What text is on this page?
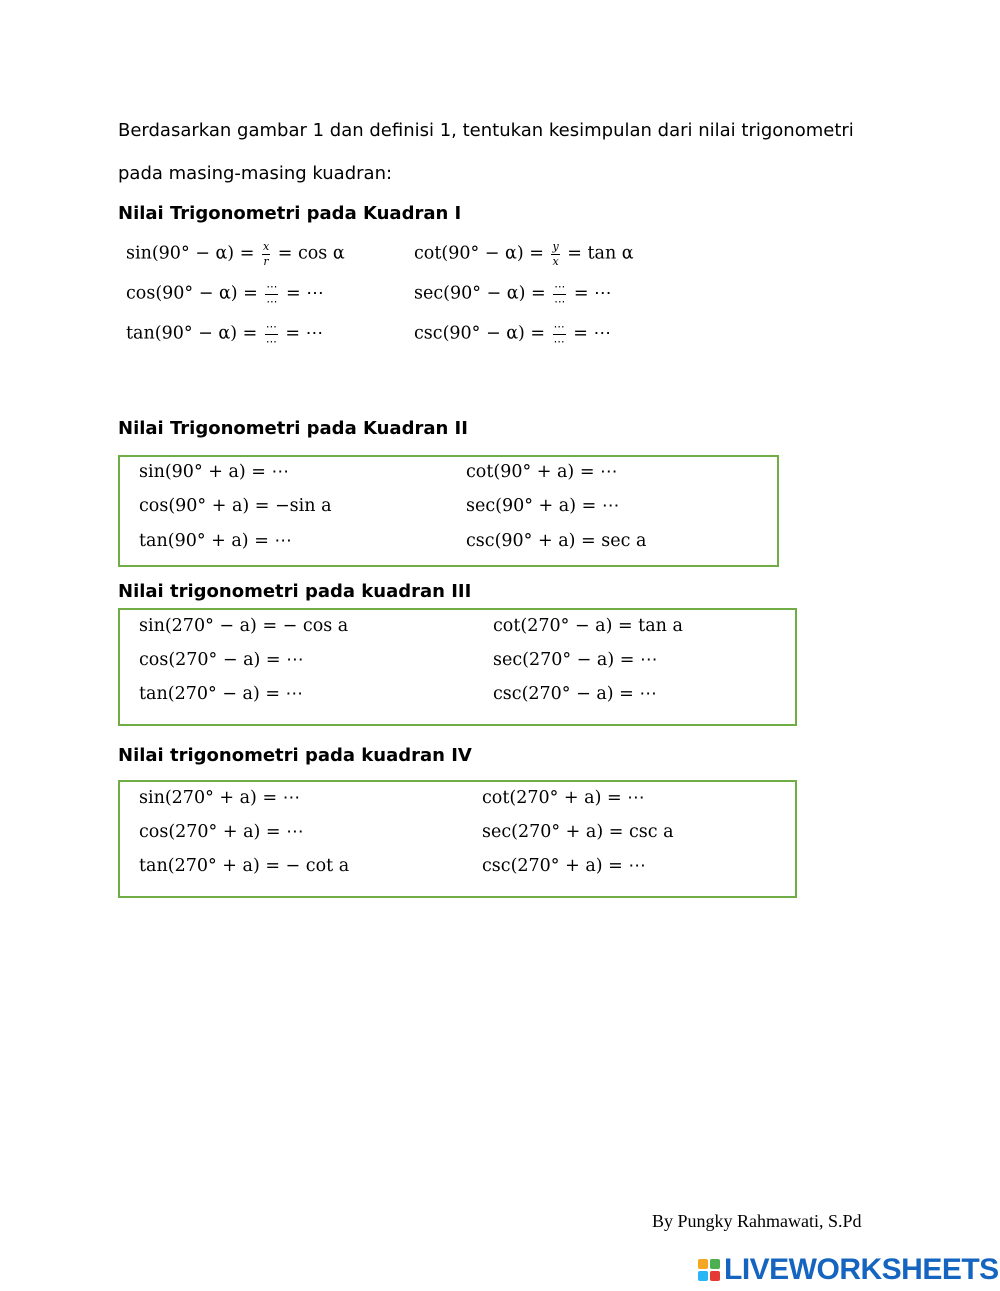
Berdasarkan gambar 1 dan definisi 1, tentukan kesimpulan dari nilai trigonometri
pada masing-masing kuadran:
Nilai Trigonometri pada Kuadran I
$\sin(90^\circ - \alpha) = \frac{x}{r} = \cos \alpha$
$\cos(90^\circ - \alpha) = \frac{\cdots}{\cdots}$ = ⋯
$\tan(90^\circ - \alpha) = \frac{\cdots}{\cdots}$ = ⋯
$\cot(90^\circ - \alpha) = \frac{y}{x} = \tan \alpha$
$\sec(90^\circ - \alpha) = \frac{\cdots}{\cdots}$ = ⋯
$\csc(90^\circ - \alpha) = \frac{\cdots}{\cdots}$ = ⋯
Nilai Trigonometri pada Kuadran II
sin(90° + a) = ⋯
cos(90° + a) = −sin a
tan(90° + a) = ⋯
cot(90° + a) = ⋯
sec(90° + a) = ⋯
csc(90° + a) = sec a
Nilai trigonometri pada kuadran III
sin(270° − a) = − cos a
cos(270° − a) = ⋯
tan(270° − a) = ⋯
cot(270° − a) = tan a
sec(270° − a) = ⋯
csc(270° − a) = ⋯
Nilai trigonometri pada kuadran IV
sin(270° + a) = ⋯
cos(270° + a) = ⋯
tan(270° + a) = − cot a
cot(270° + a) = ⋯
sec(270° + a) = csc a
csc(270° + a) = ⋯
By Pungky Rahmawati, S.Pd
LIVEWORKSHEETS
